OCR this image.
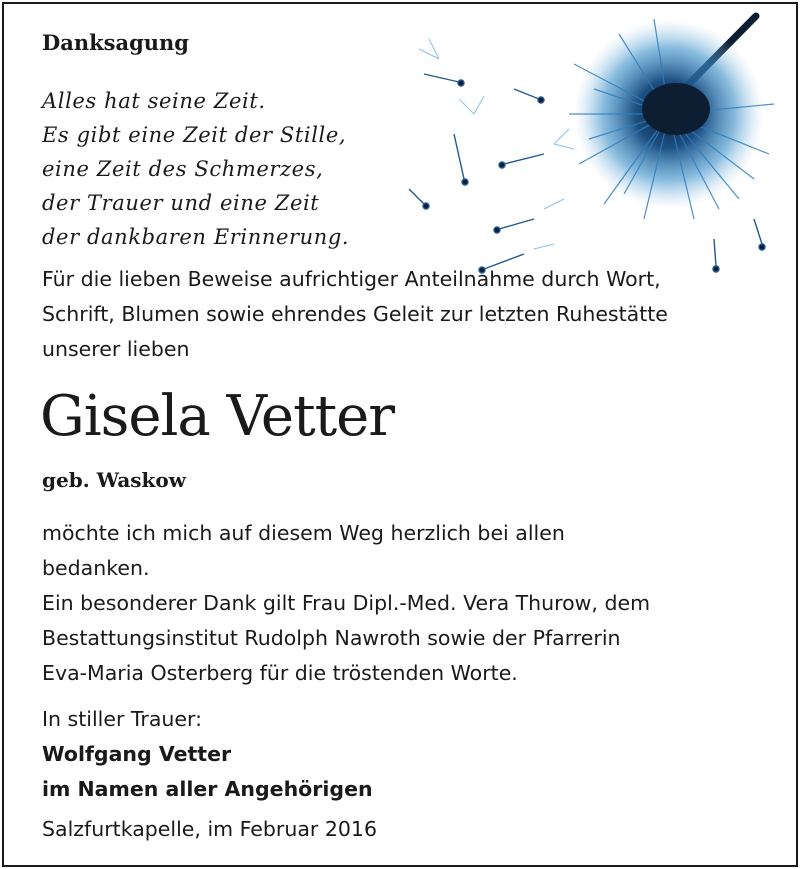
Danksagung
Alles hat seine Zeit.
Es gibt eine Zeit der Stille,
eine Zeit des Schmerzes,
der Trauer und eine Zeit
der dankbaren Erinnerung.
Für die lieben Beweise aufrichtiger Anteilnahme durch Wort,
Schrift, Blumen sowie ehrendes Geleit zur letzten Ruhestätte
unserer lieben
Gisela Vetter
geb. Waskow
möchte ich mich auf diesem Weg herzlich bei allen
bedanken.
Ein besonderer Dank gilt Frau Dipl.-Med. Vera Thurow, dem
Bestattungsinstitut Rudolph Nawroth sowie der Pfarrerin
Eva-Maria Osterberg für die tröstenden Worte.
In stiller Trauer:
Wolfgang Vetter
im Namen aller Angehörigen
Salzfurtkapelle, im Februar 2016
